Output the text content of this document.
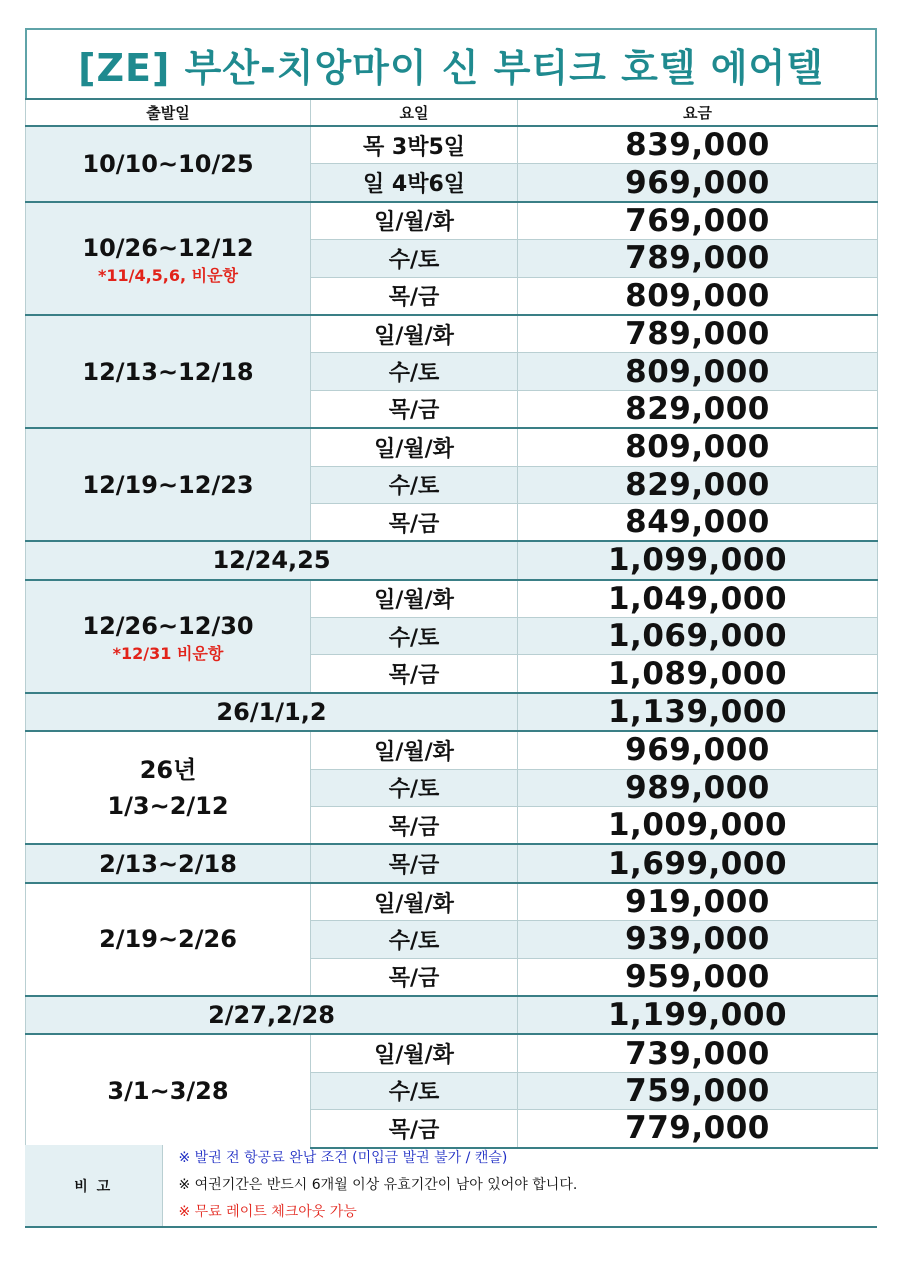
[ZE] 부산-치앙마이 신 부티크 호텔 에어텔
출발일	요일	요금
10/10~10/25	목 3박5일	839,000
	일 4박6일	969,000
10/26~12/12
*11/4,5,6, 비운항	일/월/화	769,000
	수/토	789,000
	목/금	809,000
12/13~12/18	일/월/화	789,000
	수/토	809,000
	목/금	829,000
12/19~12/23	일/월/화	809,000
	수/토	829,000
	목/금	849,000
12/24,25		1,099,000
12/26~12/30
*12/31 비운항	일/월/화	1,049,000
	수/토	1,069,000
	목/금	1,089,000
26/1/1,2		1,139,000

26년
1/3~2/12	일/월/화	969,000
	수/토	989,000
	목/금	1,009,000
2/13~2/18	목/금	1,699,000
2/19~2/26	일/월/화	919,000
	수/토	939,000
	목/금	959,000
2/27,2/28		1,199,000
3/1~3/28	일/월/화	739,000
	수/토	759,000
	목/금	779,000
비 고	
※ 발권 전 항공료 완납 조건 (미입금 발권 불가 / 캔슬)
※ 여권기간은 반드시 6개월 이상 유효기간이 남아 있어야 합니다.
※ 무료 레이트 체크아웃 가능
